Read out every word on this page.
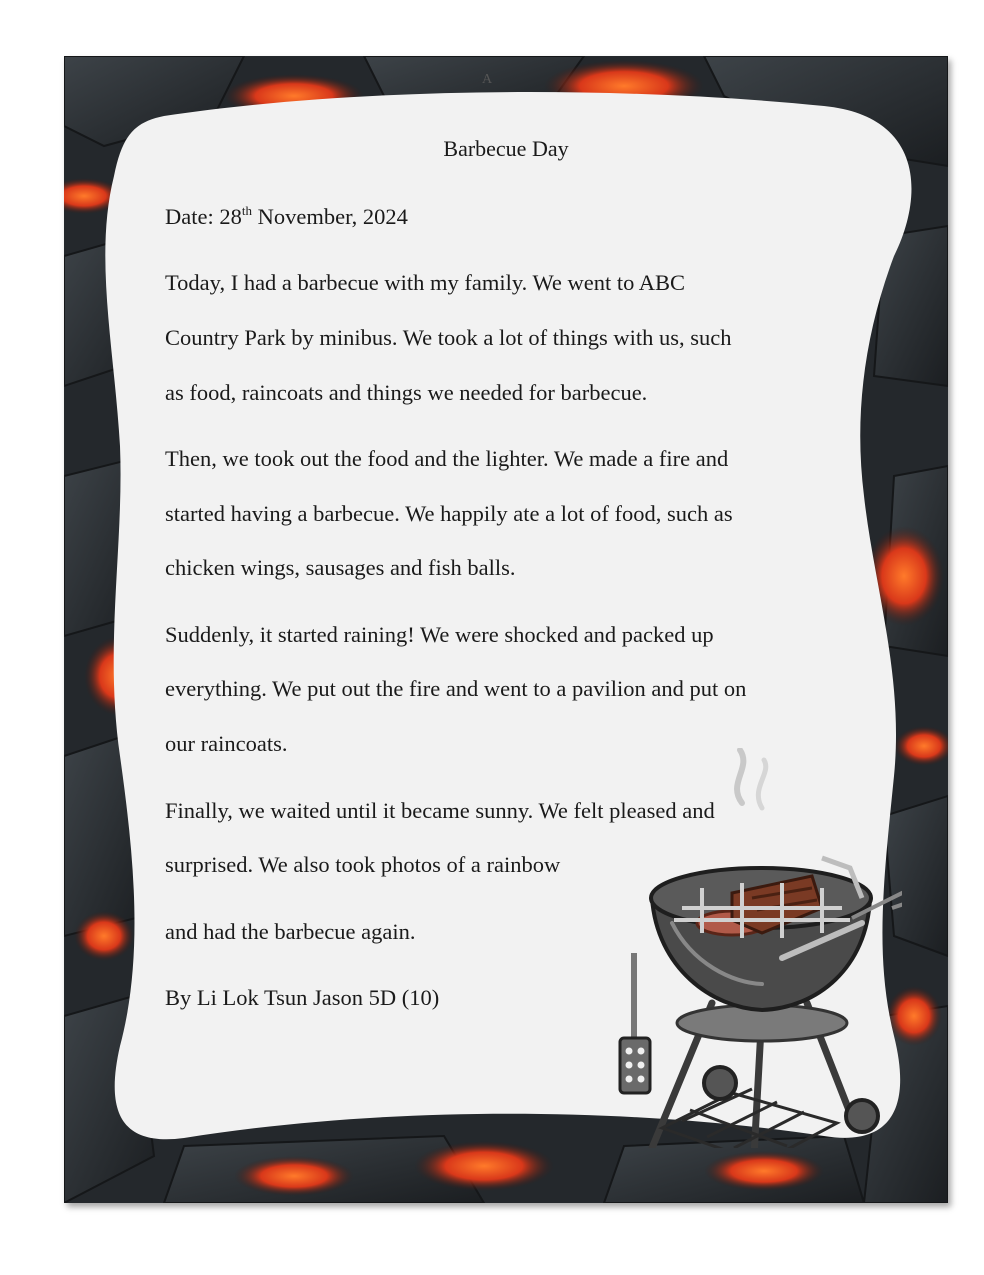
A
Barbecue Day
Date: 28th November, 2024
Today, I had a barbecue with my family. We went to ABC
Country Park by minibus. We took a lot of things with us, such
as food, raincoats and things we needed for barbecue.
Then, we took out the food and the lighter. We made a fire and
started having a barbecue. We happily ate a lot of food, such as
chicken wings, sausages and fish balls.
Suddenly, it started raining! We were shocked and packed up
everything. We put out the fire and went to a pavilion and put on
our raincoats.
Finally, we waited until it became sunny. We felt pleased and
surprised. We also took photos of a rainbow
and had the barbecue again.
By Li Lok Tsun Jason 5D (10)
